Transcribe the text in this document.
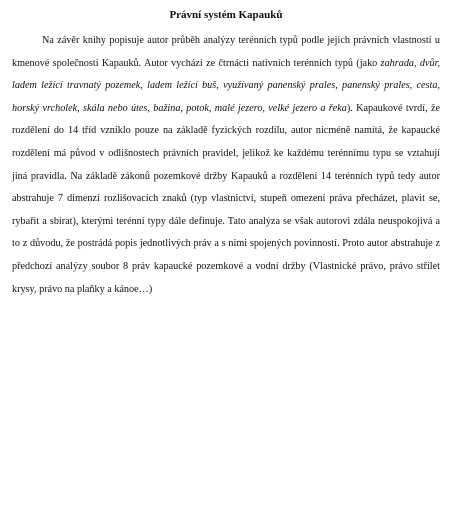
Právní systém Kapauků

Na závěr knihy popisuje autor průběh analýzy terénních typů podle jejich právních vlastností u kmenové společnosti Kapauků. Autor vychází ze čtrnácti nativních terénních typů (jako zahrada, dvůr, ladem ležící travnatý pozemek, ladem ležící buš, využívaný panenský prales, panenský prales, cesta, horský vrcholek, skála nebo útes, bažina, potok, malé jezero, velké jezero a řeka). Kapaukové tvrdí, že rozdělení do 14 tříd vzniklo pouze na základě fyzických rozdílu, autor nicméně namítá, že kapaucké rozdělení má původ v odlišnostech právních pravidel, jelikož ke každému terénnímu typu se vztahují jiná pravidla. Na základě zákonů pozemkové držby Kapauků a rozdělení 14 terénních typů tedy autor abstrahuje 7 dimenzí rozlišovacích znaků (typ vlastnictví, stupeň omezení práva přecházet, plavit se, rybařit a sbírat), kterými terénní typy dále definuje. Tato analýza se však autorovi zdála neuspokojivá a to z důvodu, že postrádá popis jednotlivých práv a s nimi spojených povinností. Proto autor abstrahuje z předchozí analýzy soubor 8 práv kapaucké pozemkové a vodní držby (Vlastnické právo, právo střílet krysy, právo na plaňky a kánoe…)
